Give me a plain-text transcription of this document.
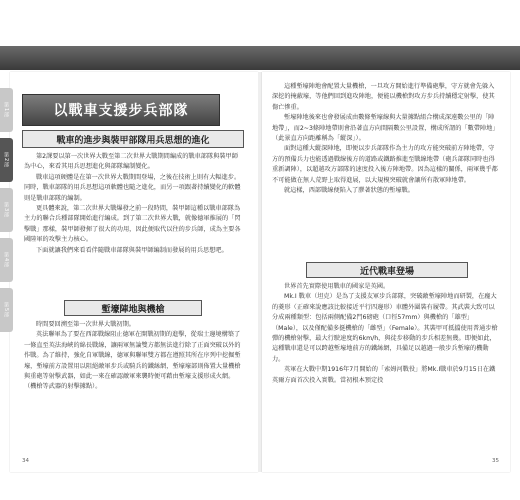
第1部
第2部
第3部
第4部
第5部
以戰車支援步兵部隊
戰車的進步與裝甲部隊用兵思想的進化

第2課要以第一次世界大戰至第二次世界大戰期間編成的戰車部隊與裝甲師為中心，來看其用兵思想進化與部隊編制變化。

戰車這項硬體是在第一次世界大戰期間登場，之後在技術上則有大幅進步。同時，戰車部隊的用兵思想這項軟體也隨之進化，而另一項跟著持續變化的軟體則是戰車部隊的編制。

更具體來說，第二次世界大戰爆發之前一段時間，裝甲師這種以戰車部隊為主力的聯合兵種部隊開始進行編成。到了第二次世界大戰，就像德軍推展的「閃擊戰」那樣，裝甲師發揮了很大的功用，因此便取代以往的步兵師，成為主要各國陸軍的攻擊主力核心。

下面就讓我們來看看伴隨戰車部隊與裝甲師編制而發展的用兵思想吧。

塹壕陣地與機槍

時間要回溯至第一次世界大戰初期。

英法聯軍為了要在西部戰線阻止德軍在開戰初期的進擊，從瑞士邊境構築了一條直至英法海峽的綿長戰線，讓兩軍無論雙方都無法進行除了正面突破以外的作戰。為了維持，強化自軍戰線，德軍與聯軍雙方都在遵照其所在序列中挖掘塹壕，塹壕前方設置用以阻絕敵軍步兵或騎兵的鐵絲網，塹壕壕部則佈置大量機槍與重砲等射擊武器，如此一來在確認敵軍來襲時便可藉由塹壕支援形成火網。（機槍等武器的射擊據點）。

34

這種塹壕陣地會配置大量機槍，一旦攻方開始進行準備砲擊，守方就會先躲入深挖的掩蔽壕，等他們回到進攻陣地，便能以機槍對攻方步兵持續穩定射擊，使其傷亡慘重。

塹壕陣地後來也會發展成由數條塹壕線與大量據點組合構成深遠數公里的「陣地帶」，而2~3條陣地帶則會沿著直方向間隔數公里設置，構成所謂的「數帶陣地」（此景直方向距離稱為「縱深」）。

面對這種大縱深陣地，即便以步兵部隊作為主力的攻方能突破前方陣地帶，守方的預備兵力也能透過戰線後方的道路或鐵路推進至戰線地帶（砲兵部隊同時也得重新調陣），以超越攻方部隊的速度投入後方陣地帶。因為這樣的關係，兩軍幾乎都不可能做在無人荒野上取得進展，以大規模突破就會讓所有散軍陣地帶。

就這樣，西部戰線便陷入了膠著狀態的塹壕戰。

近代戰車登場

世界首先實際使用戰車的國家是英國。

Mk.I 戰車（坦克）是為了支援友軍步兵部隊，突破敵塹壕陣地而研製，在龐大的菱形（正確來說應該比較接近平行四邊形）車體外圍裝有履帶。其武裝大致可以分成兩種類型：包括兩側配備2門6磅砲（口徑57mm）與機槍的「雄型」（Male），以及僅配備多挺機槍的「雌型」（Female）。其裝甲可抵擋使用普通步槍彈的機槍射擊，最大行駛速度約6km/h，與徒步移動的步兵相差無幾。即便如此，這種戰車還是可以跨越塹壕地前方的鐵絲網，具備足以越過一般步兵塹壕的機動力。

英軍在大戰中期1916年7月開始的「索姆河戰役」將Mk.I戰車於9月15日在鐵英爾方面首次投入實戰。當初根本預定投

35
